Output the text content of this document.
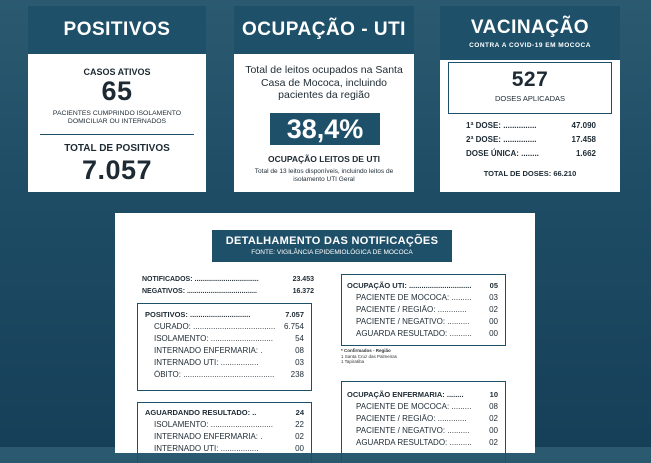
POSITIVOS
CASOS ATIVOS
65
PACIENTES CUMPRINDO ISOLAMENTO DOMICILIAR OU INTERNADOS
TOTAL DE POSITIVOS
7.057
OCUPAÇÃO - UTI
Total de leitos ocupados na Santa Casa de Mococa, incluindo pacientes da região
38,4%
OCUPAÇÃO LEITOS DE UTI
Total de 13 leitos disponíveis, incluindo leitos de isolamento UTI Geral
VACINAÇÃO
CONTRA A COVID-19 EM MOCOCA
527
DOSES APLICADAS
1ª DOSE: ...............	47.090
2ª DOSE: ...............	17.458
DOSE ÚNICA: ........	1.662
TOTAL DE DOSES: 66.210
DETALHAMENTO DAS NOTIFICAÇÕES
FONTE: VIGILÂNCIA EPIDEMIOLÓGICA DE MOCOCA
NOTIFICADOS: .................................	23.453
NEGATIVOS: ....................................	16.372
POSITIVOS: .............................	7.057
CURADO: ..................................... 6.754
ISOLAMENTO: ............................	54
INTERNADO ENFERMARIA: .	08
INTERNADO UTI: .................	03
ÓBITO: ......................................... 238
AGUARDANDO RESULTADO: ..	24
ISOLAMENTO: ............................	22
INTERNADO ENFERMARIA: .	02
INTERNADO UTI: .................	00
OCUPAÇÃO UTI: .............................. 05
PACIENTE DE MOCOCA: ......... 03
PACIENTE / REGIÃO: .............	02
PACIENTE / NEGATIVO: .......... 00
AGUARDA RESULTADO: .......... 00
* Confirmados - Região
1 Santa Cruz das Palmeiras
1 Tapiratiba
OCUPAÇÃO ENFERMARIA: ........	10
PACIENTE DE MOCOCA: ......... 08
PACIENTE / REGIÃO: .............	02
PACIENTE / NEGATIVO: .......... 00
AGUARDA RESULTADO: .......... 02
